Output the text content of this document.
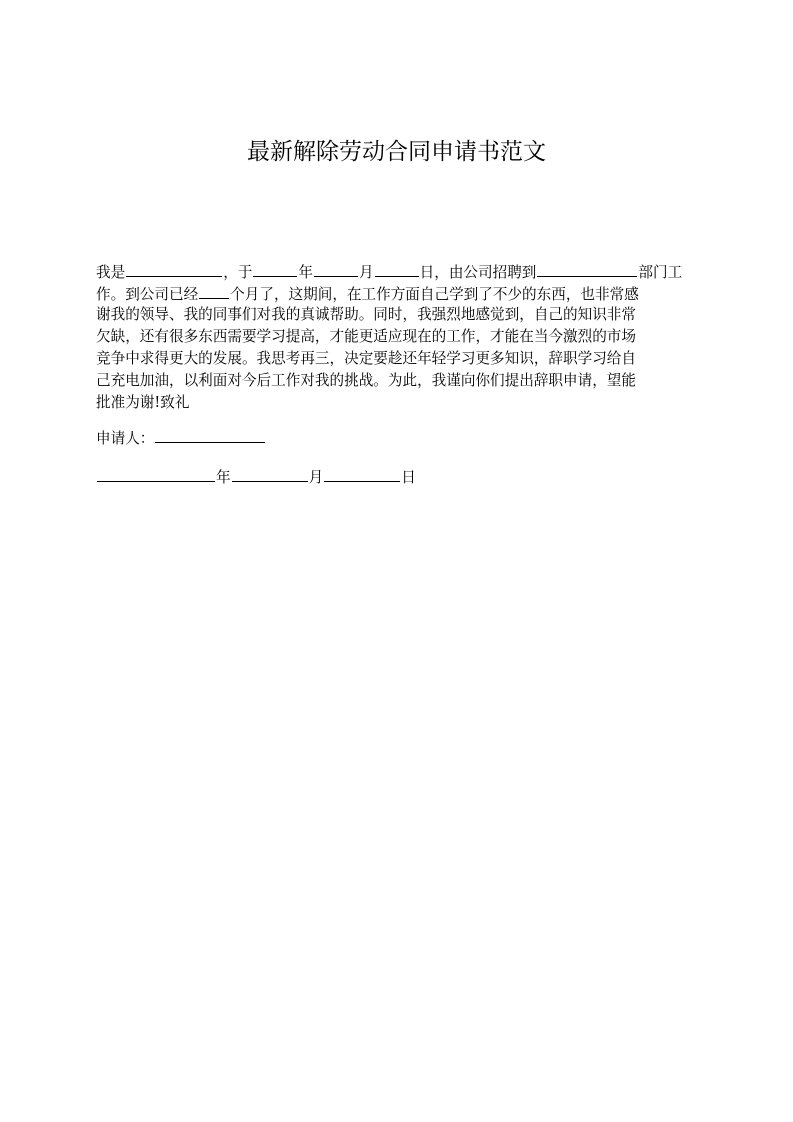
最新解除劳动合同申请书范文
我是	，于	年	月	日，由公司招聘到	部门工
作。到公司已经 个月了，这期间，在工作方面自己学到了不少的东西，也非常感
谢我的领导、我的同事们对我的真诚帮助。同时，我强烈地感觉到，自己的知识非常
欠缺，还有很多东西需要学习提高，才能更适应现在的工作，才能在当今激烈的市场
竞争中求得更大的发展。我思考再三，决定要趁还年轻学习更多知识，辞职学习给自
己充电加油，以利面对今后工作对我的挑战。为此，我谨向你们提出辞职申请，望能
批准为谢!致礼
申请人：
年	月	日
